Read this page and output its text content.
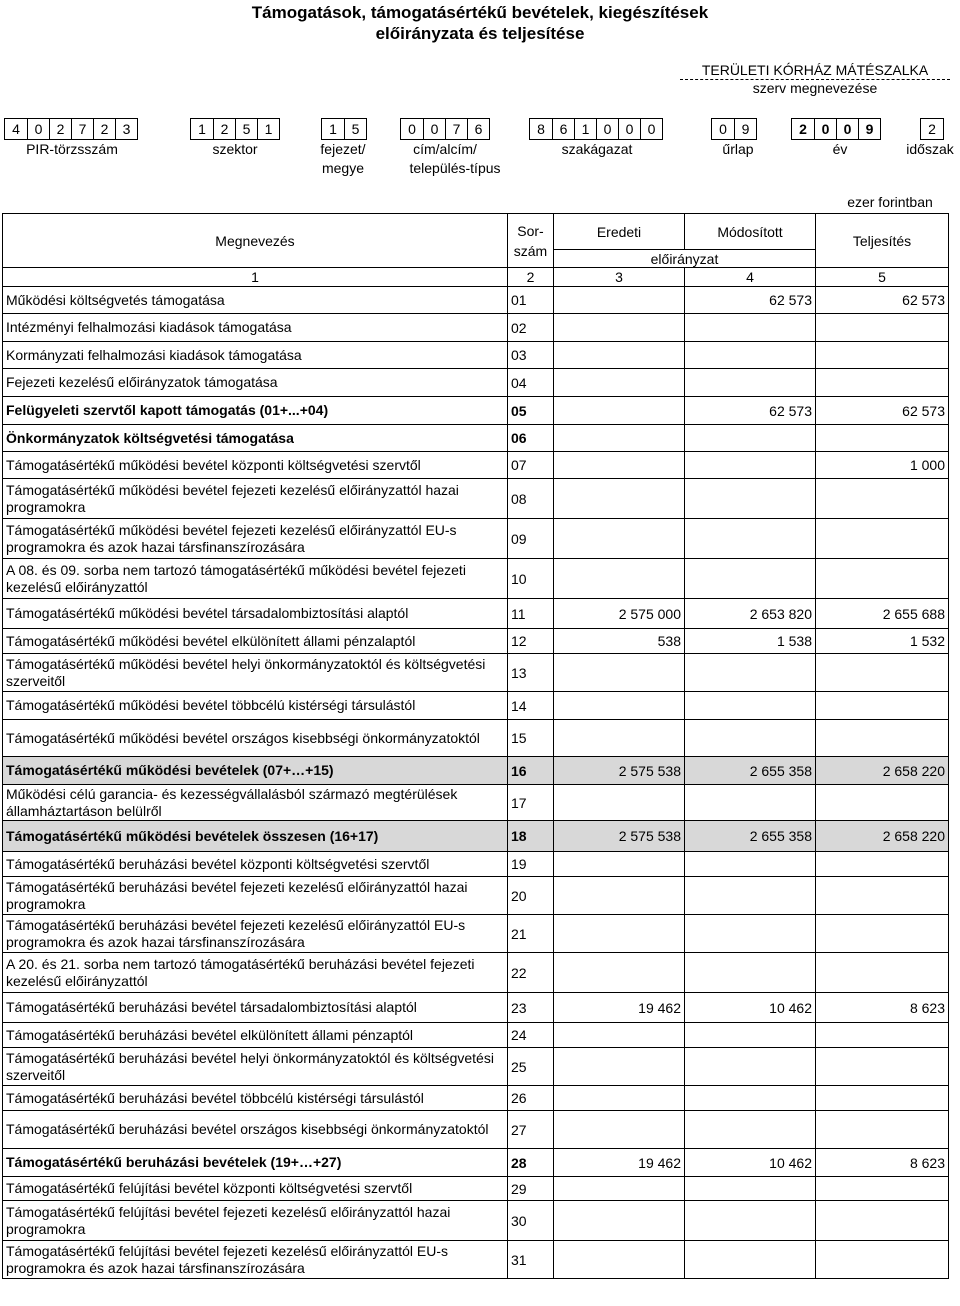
Támogatások, támogatásértékű bevételek, kiegészítések
előirányzata és teljesítése
TERÜLETI KÓRHÁZ MÁTÉSZALKA
szerv megnevezése
4	0	2	7	2	3	1	2	5	1	1	5	0	0	7	6	8	6	1	0	0	0	0	9	2	0	0	9	2
PIR-törzsszám	szektor	fejezet/
megye
cím/alcím/
település-típus
szakágazat	űrlap	év	időszak
ezer forintban
Megnevezés	Sor-
szám	Eredeti	Módosított	Teljesítés
		előirányzat		
1	2	3	4	5
Működési költségvetés támogatása	01		62 573	62 573
Intézményi felhalmozási kiadások támogatása	02			
Kormányzati felhalmozási kiadások támogatása	03			
Fejezeti kezelésű előirányzatok támogatása	04			
Felügyeleti szervtől kapott támogatás (01+...+04)	05		62 573	62 573
Önkormányzatok költségvetési támogatása	06			
Támogatásértékű működési bevétel központi költségvetési szervtől	07			1 000
Támogatásértékű működési bevétel fejezeti kezelésű előirányzattól hazai programokra	08			
Támogatásértékű működési bevétel fejezeti kezelésű előirányzattól EU-s programokra és azok hazai társfinanszírozására	09			
A 08. és 09. sorba nem tartozó támogatásértékű működési bevétel fejezeti kezelésű előirányzattól	10			
Támogatásértékű működési bevétel társadalombiztosítási alaptól	11	2 575 000	2 653 820	2 655 688
Támogatásértékű működési bevétel elkülönített állami pénzalaptól	12	538	1 538	1 532
Támogatásértékű működési bevétel helyi önkormányzatoktól és költségvetési szerveitől	13			
Támogatásértékű működési bevétel többcélú kistérségi társulástól	14			
Támogatásértékű működési bevétel országos kisebbségi önkormányzatoktól	15			
Támogatásértékű működési bevételek (07+…+15)	16	2 575 538	2 655 358	2 658 220
Működési célú garancia- és kezességvállalásból származó megtérülések államháztartáson belülről	17			
Támogatásértékű működési bevételek összesen (16+17)	18	2 575 538	2 655 358	2 658 220
Támogatásértékű beruházási bevétel központi költségvetési szervtől	19			
Támogatásértékű beruházási bevétel fejezeti kezelésű előirányzattól hazai programokra	20			
Támogatásértékű beruházási bevétel fejezeti kezelésű előirányzattól EU-s programokra és azok hazai társfinanszírozására	21			
A 20. és 21. sorba nem tartozó támogatásértékű beruházási bevétel fejezeti kezelésű előirányzattól	22			
Támogatásértékű beruházási bevétel társadalombiztosítási alaptól	23	19 462	10 462	8 623
Támogatásértékű beruházási bevétel elkülönített állami pénzaptól	24			
Támogatásértékű beruházási bevétel helyi önkormányzatoktól és költségvetési szerveitől	25			
Támogatásértékű beruházási bevétel többcélú kistérségi társulástól	26			
Támogatásértékű beruházási bevétel országos kisebbségi önkormányzatoktól	27			
Támogatásértékű beruházási bevételek (19+…+27)	28	19 462	10 462	8 623
Támogatásértékű felújítási bevétel központi költségvetési szervtől	29			
Támogatásértékű felújítási bevétel fejezeti kezelésű előirányzattól hazai programokra	30			
Támogatásértékű felújítási bevétel fejezeti kezelésű előirányzattól EU-s programokra és azok hazai társfinanszírozására	31			
